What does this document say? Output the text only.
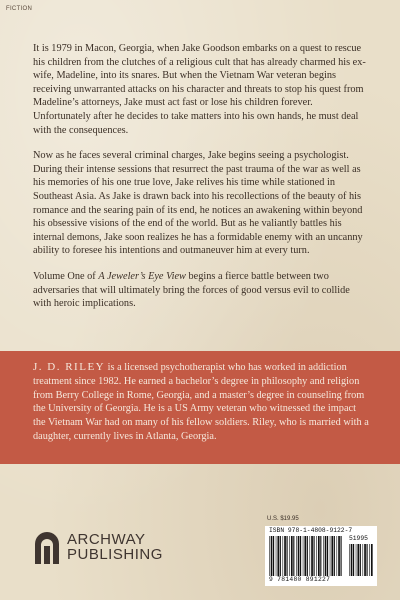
FICTION

It is 1979 in Macon, Georgia, when Jake Goodson embarks on a quest to rescue his children from the clutches of a religious cult that has already charmed his ex-wife, Madeline, into its snares. But when the Vietnam War veteran begins receiving unwarranted attacks on his character and threats to stop his quest from Madeline’s attorneys, Jake must act fast or lose his children forever. Unfortunately after he decides to take matters into his own hands, he must deal with the consequences.

Now as he faces several criminal charges, Jake begins seeing a psychologist. During their intense sessions that resurrect the past trauma of the war as well as his memories of his one true love, Jake relives his time while stationed in Southeast Asia. As Jake is drawn back into his recollections of the beauty of his romance and the searing pain of its end, he notices an awakening within beyond his obsessive visions of the end of the world. But as he valiantly battles his internal demons, Jake soon realizes he has a formidable enemy with an uncanny ability to foresee his intentions and outmaneuver him at every turn.

Volume One of A Jeweler’s Eye View begins a fierce battle between two adversaries that will ultimately bring the forces of good versus evil to collide with heroic implications.

J. D. RILEY is a licensed psychotherapist who has worked in addiction treatment since 1982. He earned a bachelor’s degree in philosophy and religion from Berry College in Rome, Georgia, and a master’s degree in counseling from the University of Georgia. He is a US Army veteran who witnessed the impact the Vietnam War had on many of his fellow soldiers. Riley, who is married with a daughter, currently lives in Atlanta, Georgia.

ARCHWAY
PUBLISHING
U.S. $19.95
ISBN 978-1-4808-9122-7
51995
9 781480 891227
